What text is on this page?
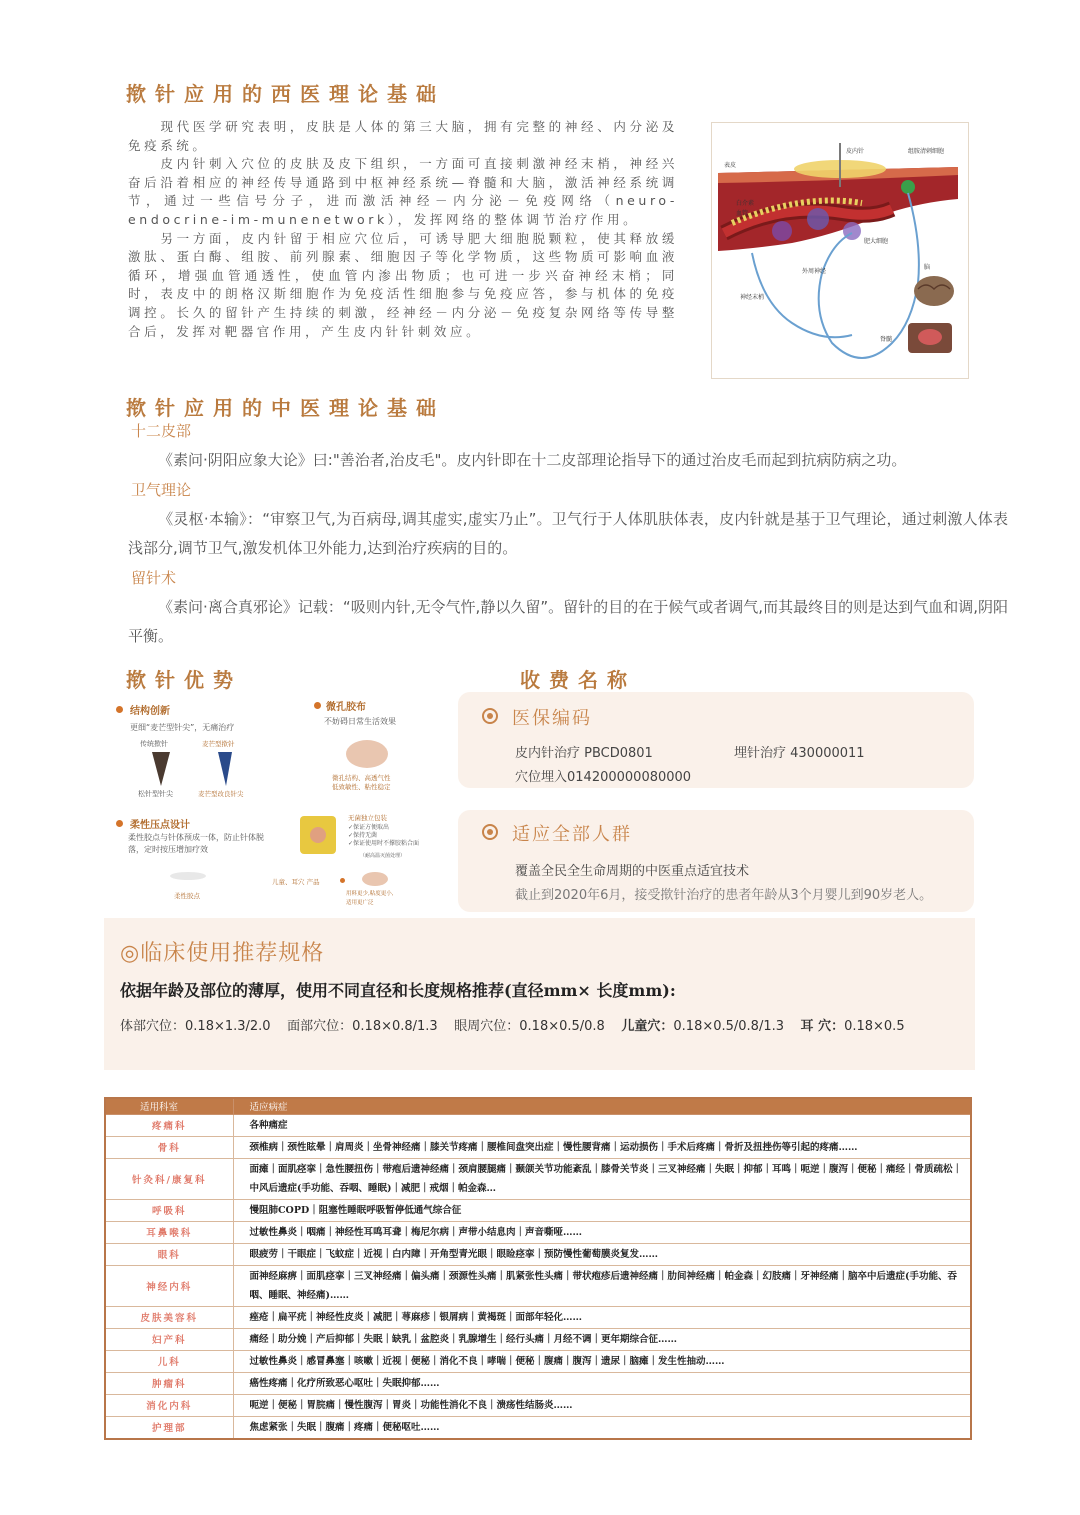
揿针应用的西医理论基础

现代医学研究表明，皮肤是人体的第三大脑，拥有完整的神经、内分泌及免疫系统。

皮内针刺入穴位的皮肤及皮下组织，一方面可直接刺激神经末梢，神经兴奋后沿着相应的神经传导通路到中枢神经系统—脊髓和大脑，激活神经系统调节，通过一些信号分子，进而激活神经－内分泌－免疫网络（neuro-endocrine-im-munenetwork），发挥网络的整体调节治疗作用。

另一方面，皮内针留于相应穴位后，可诱导肥大细胞脱颗粒，使其释放缓激肽、蛋白酶、组胺、前列腺素、细胞因子等化学物质，这些物质可影响血液循环，增强血管通透性，使血管内渗出物质；也可进一步兴奋神经末梢；同时，表皮中的朗格汉斯细胞作为免疫活性细胞参与免疫应答，参与机体的免疫调控。长久的留针产生持续的刺激，经神经－内分泌－免疫复杂网络等传导整合后，发挥对靶器官作用，产生皮内针针刺效应。

表皮
皮内针
肥大细胞
组胺清刺细胞
白介素
血管
神经末梢
脑
脊髓
外周神经
揿针应用的中医理论基础
十二皮部
《素问·阴阳应象大论》曰:"善治者,治皮毛"。皮内针即在十二皮部理论指导下的通过治皮毛而起到抗病防病之功。
卫气理论
《灵枢·本输》：“审察卫气,为百病母,调其虚实,虚实乃止”。卫气行于人体肌肤体表，皮内针就是基于卫气理论，通过刺激人体表浅部分,调节卫气,激发机体卫外能力,达到治疗疾病的目的。
留针术
《素问·离合真邪论》记载：“吸则内针,无令气忤,静以久留”。留针的目的在于候气或者调气,而其最终目的则是达到气血和调,阴阳平衡。
揿针优势
结构创新
更细“麦芒型针尖”，无痛治疗
传统揿针	麦芒型揿针
松针型针尖	麦芒型改良针尖
微孔胶布
不妨碍日常生活效果
微孔结构、高透气性
低致敏性、粘性稳定
柔性压点设计
柔性胶点与针体预成一体，防止针体脱落，定时按压增加疗效
柔性胶点
无菌独立包装
✓保证方便取出
✓保持无菌
✓保证使用时不撑胶粘合面
（耐高温灭菌处理）
儿童、耳穴 产品
用料更少,粘度更小,
适用更广泛
收费名称
医保编码
皮内针治疗 PBCD0801	埋针治疗 430000011
穴位埋入014200000080000
适应全部人群
覆盖全民全生命周期的中医重点适宜技术
截止到2020年6月，接受揿针治疗的患者年龄从3个月婴儿到90岁老人。
◎临床使用推荐规格
依据年龄及部位的薄厚，使用不同直径和长度规格推荐(直径mm× 长度mm):
体部穴位：0.18×1.3/2.0 面部穴位：0.18×0.8/1.3 眼周穴位：0.18×0.5/0.8 儿童穴：0.18×0.5/0.8/1.3 耳 穴：0.18×0.5
适用科室	适应病症
疼痛科	各种痛症
骨科	颈椎病｜颈性眩晕｜肩周炎｜坐骨神经痛｜膝关节疼痛｜腰椎间盘突出症｜慢性腰背痛｜运动损伤｜手术后疼痛｜骨折及扭挫伤等引起的疼痛……
针灸科/康复科	面瘫｜面肌痉挛｜急性腰扭伤｜带疱后遗神经痛｜颈肩腰腿痛｜颞颌关节功能紊乱｜膝骨关节炎｜三叉神经痛｜失眠｜抑郁｜耳鸣｜呃逆｜腹泻｜便秘｜痛经｜骨质疏松｜中风后遗症(手功能、吞咽、睡眠)｜减肥｜戒烟｜帕金森…
呼吸科	慢阻肺COPD｜阻塞性睡眠呼吸暂停低通气综合征
耳鼻喉科	过敏性鼻炎｜咽痛｜神经性耳鸣耳聋｜梅尼尔病｜声带小结息肉｜声音嘶哑……
眼科	眼疲劳｜干眼症｜飞蚊症｜近视｜白内障｜开角型青光眼｜眼睑痉挛｜预防慢性葡萄膜炎复发……
神经内科	面神经麻痹｜面肌痉挛｜三叉神经痛｜偏头痛｜颈源性头痛｜肌紧张性头痛｜带状疱疹后遗神经痛｜肋间神经痛｜帕金森｜幻肢痛｜牙神经痛｜脑卒中后遗症(手功能、吞咽、睡眠、神经痛)……
皮肤美容科	痤疮｜扁平疣｜神经性皮炎｜减肥｜荨麻疹｜银屑病｜黄褐斑｜面部年轻化……
妇产科	痛经｜助分娩｜产后抑郁｜失眠｜缺乳｜盆腔炎｜乳腺增生｜经行头痛｜月经不调｜更年期综合征……
儿科	过敏性鼻炎｜感冒鼻塞｜咳嗽｜近视｜便秘｜消化不良｜哮喘｜便秘｜腹痛｜腹泻｜遗尿｜脑瘫｜发生性抽动……
肿瘤科	癌性疼痛｜化疗所致恶心呕吐｜失眠抑郁……
消化内科	呃逆｜便秘｜胃脘痛｜慢性腹泻｜胃炎｜功能性消化不良｜溃疡性结肠炎……
护理部	焦虑紧张｜失眠｜腹痛｜疼痛｜便秘呕吐……
